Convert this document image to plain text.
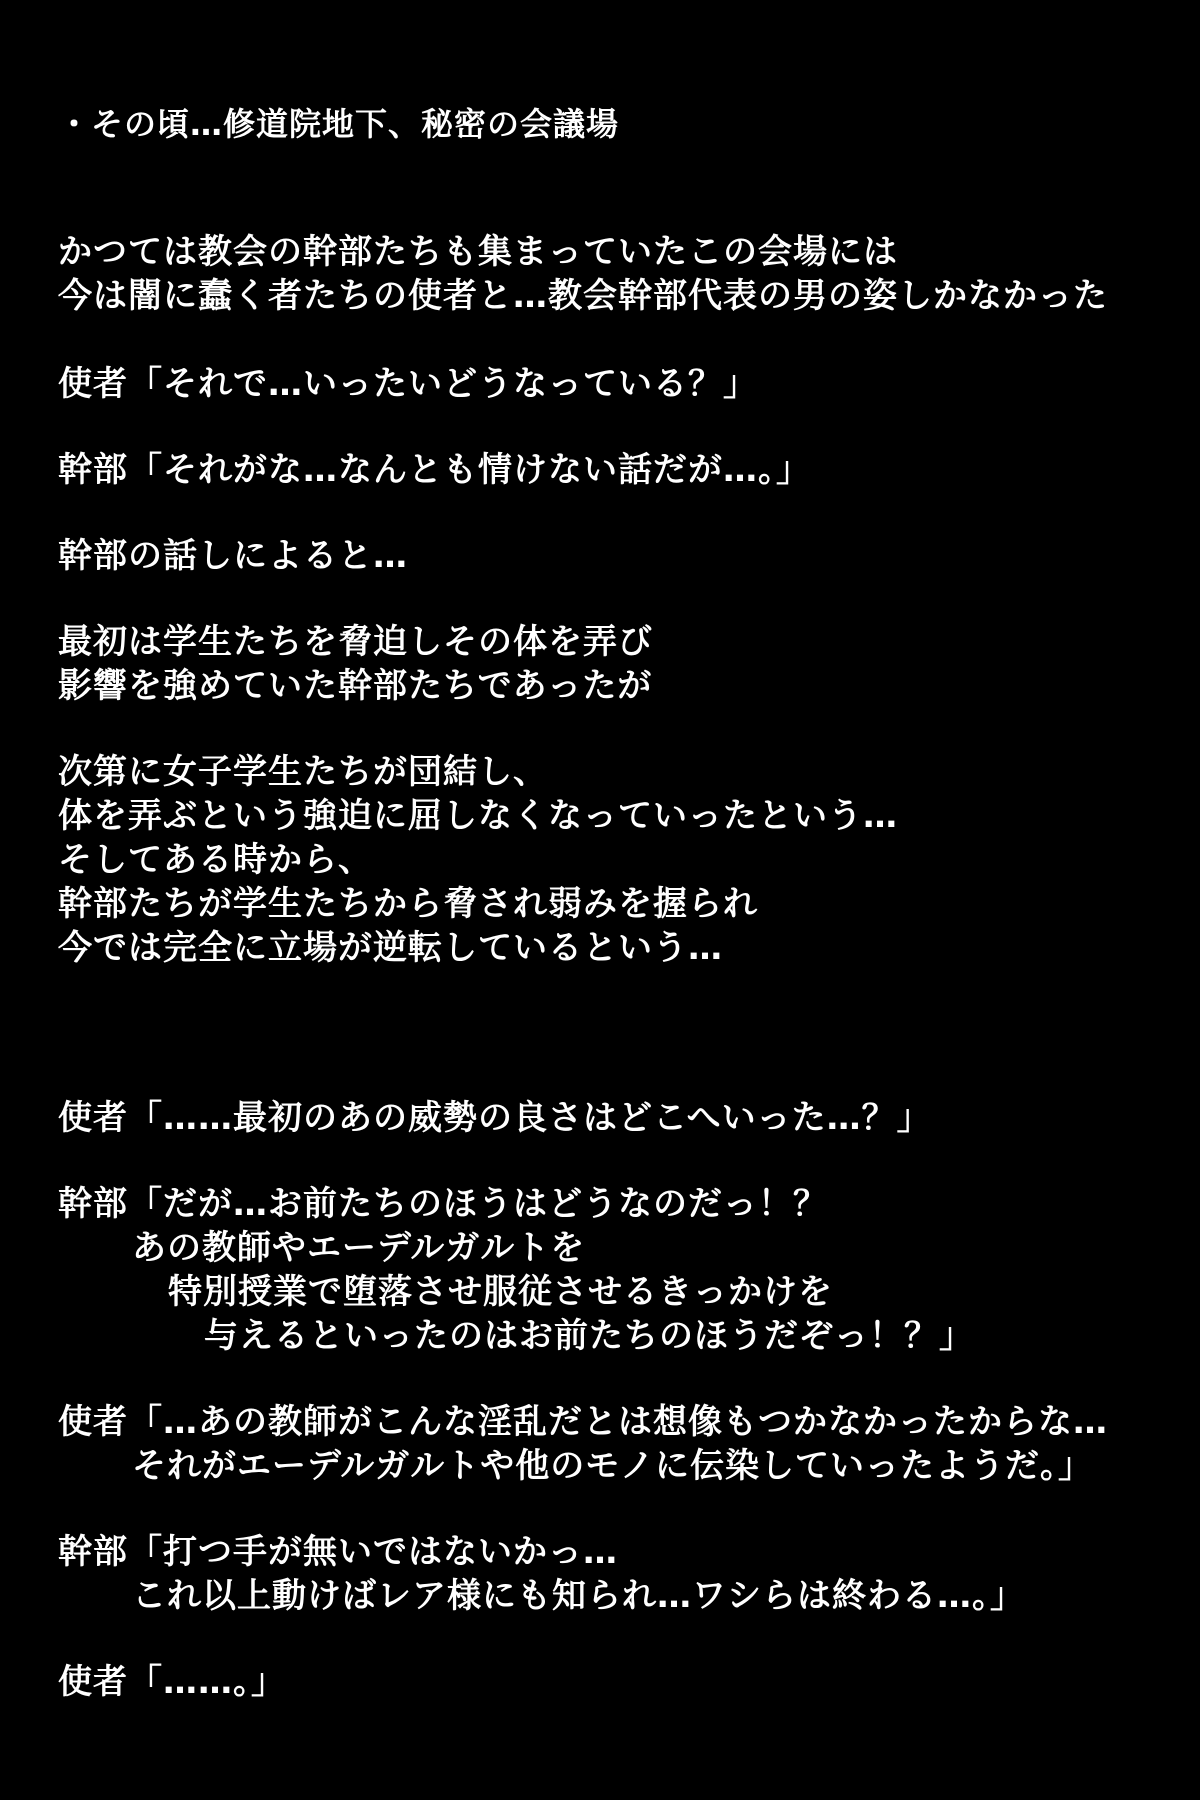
・その頃…修道院地下、秘密の会議場
かつては教会の幹部たちも集まっていたこの会場には
今は闇に蠢く者たちの使者と…教会幹部代表の男の姿しかなかった
使者「それで…いったいどうなっている？」
幹部「それがな…なんとも情けない話だが…。」
幹部の話しによると…
最初は学生たちを脅迫しその体を弄び
影響を強めていた幹部たちであったが
次第に女子学生たちが団結し、
体を弄ぶという強迫に屈しなくなっていったという…
そしてある時から、
幹部たちが学生たちから脅され弱みを握られ
今では完全に立場が逆転しているという…
使者「……最初のあの威勢の良さはどこへいった…？」
幹部「だが…お前たちのほうはどうなのだっ！？
あの教師やエーデルガルトを
特別授業で堕落させ服従させるきっかけを
与えるといったのはお前たちのほうだぞっ！？」
使者「…あの教師がこんな淫乱だとは想像もつかなかったからな…
それがエーデルガルトや他のモノに伝染していったようだ。」
幹部「打つ手が無いではないかっ…
これ以上動けばレア様にも知られ…ワシらは終わる…。」
使者「……。」
